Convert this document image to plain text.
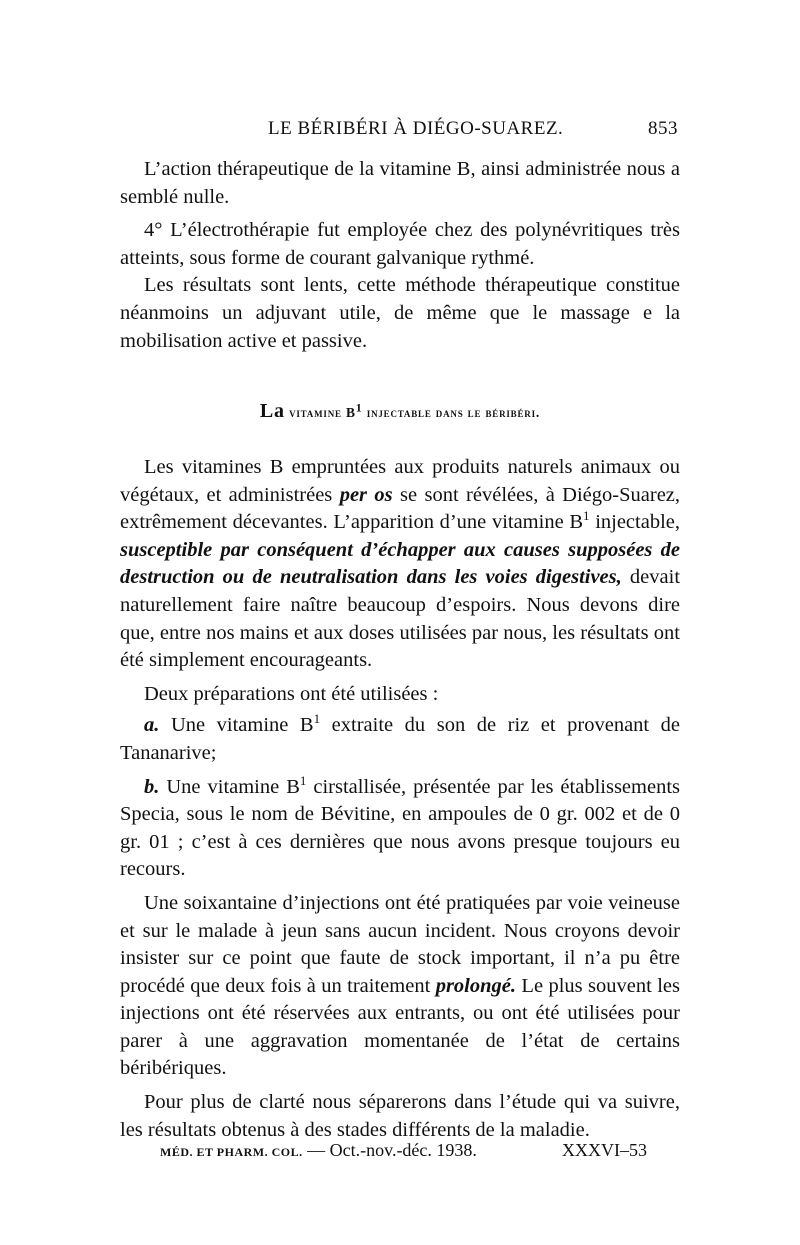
LE BÉRIBÉRI À DIÉGO-SUAREZ.	853

L’action thérapeutique de la vitamine B, ainsi administrée nous a semblé nulle.

4° L’électrothérapie fut employée chez des polynévritiques très atteints, sous forme de courant galvanique rythmé.

Les résultats sont lents, cette méthode thérapeutique constitue néanmoins un adjuvant utile, de même que le massage e la mobilisation active et passive.

La vitamine $B^1$ injectable dans le béribéri.

Les vitamines B empruntées aux produits naturels animaux ou végétaux, et administrées per os se sont révélées, à Diégo-Suarez, extrêmement décevantes. L’apparition d’une vitamine $B^1$ injectable, susceptible par conséquent d’échapper aux causes supposées de destruction ou de neutralisation dans les voies digestives, devait naturellement faire naître beaucoup d’espoirs. Nous devons dire que, entre nos mains et aux doses utilisées par nous, les résultats ont été simplement encourageants.

Deux préparations ont été utilisées :

a. Une vitamine $B^1$ extraite du son de riz et provenant de Tananarive;

b. Une vitamine $B^1$ cirstallisée, présentée par les établissements Specia, sous le nom de Bévitine, en ampoules de 0 gr. 002 et de 0 gr. 01 ; c’est à ces dernières que nous avons presque toujours eu recours.

Une soixantaine d’injections ont été pratiquées par voie veineuse et sur le malade à jeun sans aucun incident. Nous croyons devoir insister sur ce point que faute de stock important, il n’a pu être procédé que deux fois à un traitement prolongé. Le plus souvent les injections ont été réservées aux entrants, ou ont été utilisées pour parer à une aggravation momentanée de l’état de certains béribériques.

Pour plus de clarté nous séparerons dans l’étude qui va suivre, les résultats obtenus à des stades différents de la maladie.

MÉD. ET PHARM. COL. — Oct.-nov.-déc. 1938.	XXXVI–53
